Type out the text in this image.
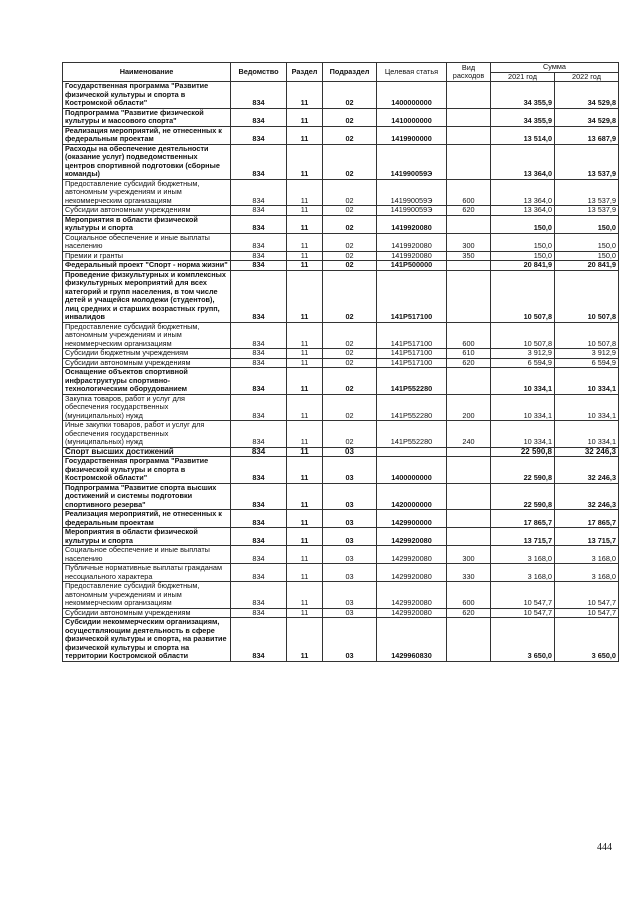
Наименование	Ведомство	Раздел	Подраздел	Целевая статья	Вид расходов	Сумма	
						2021 год	2022 год
Государственная программа "Развитие физической культуры и спорта в Костромской области"	834	11	02	1400000000		34 355,9	34 529,8
Подпрограмма "Развитие физической культуры и массового спорта"	834	11	02	1410000000		34 355,9	34 529,8
Реализация мероприятий, не отнесенных к федеральным проектам	834	11	02	1419900000		13 514,0	13 687,9
Расходы на обеспечение деятельности (оказание услуг) подведомственных центров спортивной подготовки (сборные команды)	834	11	02	141990059Э		13 364,0	13 537,9
Предоставление субсидий бюджетным, автономным учреждениям и иным некоммерческим организациям	834	11	02	141990059Э	600	13 364,0	13 537,9
Субсидии автономным учреждениям	834	11	02	141990059Э	620	13 364,0	13 537,9
Мероприятия в области физической культуры и спорта	834	11	02	1419920080		150,0	150,0
Социальное обеспечение и иные выплаты населению	834	11	02	1419920080	300	150,0	150,0
Премии и гранты	834	11	02	1419920080	350	150,0	150,0
Федеральный проект "Спорт - норма жизни"	834	11	02	141P500000		20 841,9	20 841,9
Проведение физкультурных и комплексных физкультурных мероприятий для всех категорий и групп населения, в том числе детей и учащейся молодежи (студентов), лиц средних и старших возрастных групп, инвалидов	834	11	02	141P517100		10 507,8	10 507,8
Предоставление субсидий бюджетным, автономным учреждениям и иным некоммерческим организациям	834	11	02	141P517100	600	10 507,8	10 507,8
Субсидии бюджетным учреждениям	834	11	02	141P517100	610	3 912,9	3 912,9
Субсидии автономным учреждениям	834	11	02	141P517100	620	6 594,9	6 594,9
Оснащение объектов спортивной инфраструктуры спортивно-технологическим оборудованием	834	11	02	141P552280		10 334,1	10 334,1
Закупка товаров, работ и услуг для обеспечения государственных (муниципальных) нужд	834	11	02	141P552280	200	10 334,1	10 334,1
Иные закупки товаров, работ и услуг для обеспечения государственных (муниципальных) нужд	834	11	02	141P552280	240	10 334,1	10 334,1
Спорт высших достижений	834	11	03			22 590,8	32 246,3
Государственная программа "Развитие физической культуры и спорта в Костромской области"	834	11	03	1400000000		22 590,8	32 246,3
Подпрограмма "Развитие спорта высших достижений и системы подготовки спортивного резерва"	834	11	03	1420000000		22 590,8	32 246,3
Реализация мероприятий, не отнесенных к федеральным проектам	834	11	03	1429900000		17 865,7	17 865,7
Мероприятия в области физической культуры и спорта	834	11	03	1429920080		13 715,7	13 715,7
Социальное обеспечение и иные выплаты населению	834	11	03	1429920080	300	3 168,0	3 168,0
Публичные нормативные выплаты гражданам несоциального характера	834	11	03	1429920080	330	3 168,0	3 168,0
Предоставление субсидий бюджетным, автономным учреждениям и иным некоммерческим организациям	834	11	03	1429920080	600	10 547,7	10 547,7
Субсидии автономным учреждениям	834	11	03	1429920080	620	10 547,7	10 547,7
Субсидии некоммерческим организациям, осуществляющим деятельность в сфере физической культуры и спорта, на развитие физической культуры и спорта на территории Костромской области	834	11	03	1429960830		3 650,0	3 650,0
444
